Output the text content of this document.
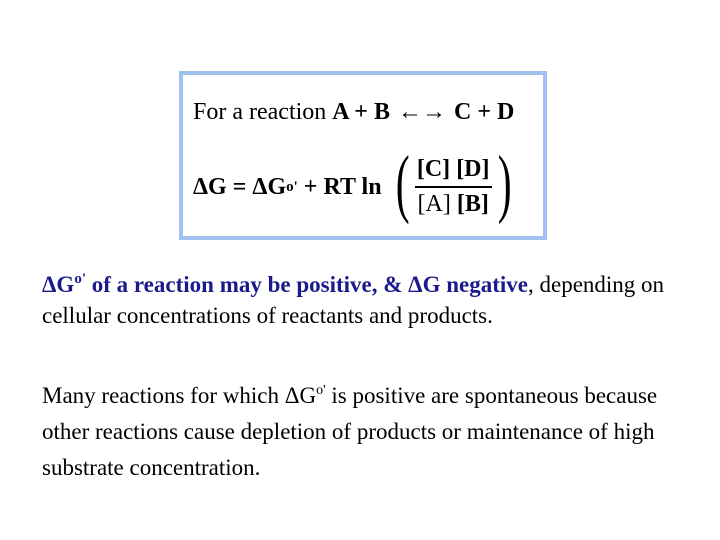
For a reaction A + B ←→ C + D
ΔG = ΔG o' + RT ln ( $\frac{[C] [D]}{[A] [B]}$ )
$\Delta G^{o'}$ of a reaction may be positive, & ΔG negative, depending on cellular concentrations of reactants and products.
Many reactions for which $\Delta G^{o'}$ is positive are spontaneous because other reactions cause depletion of products or maintenance of high substrate concentration.
